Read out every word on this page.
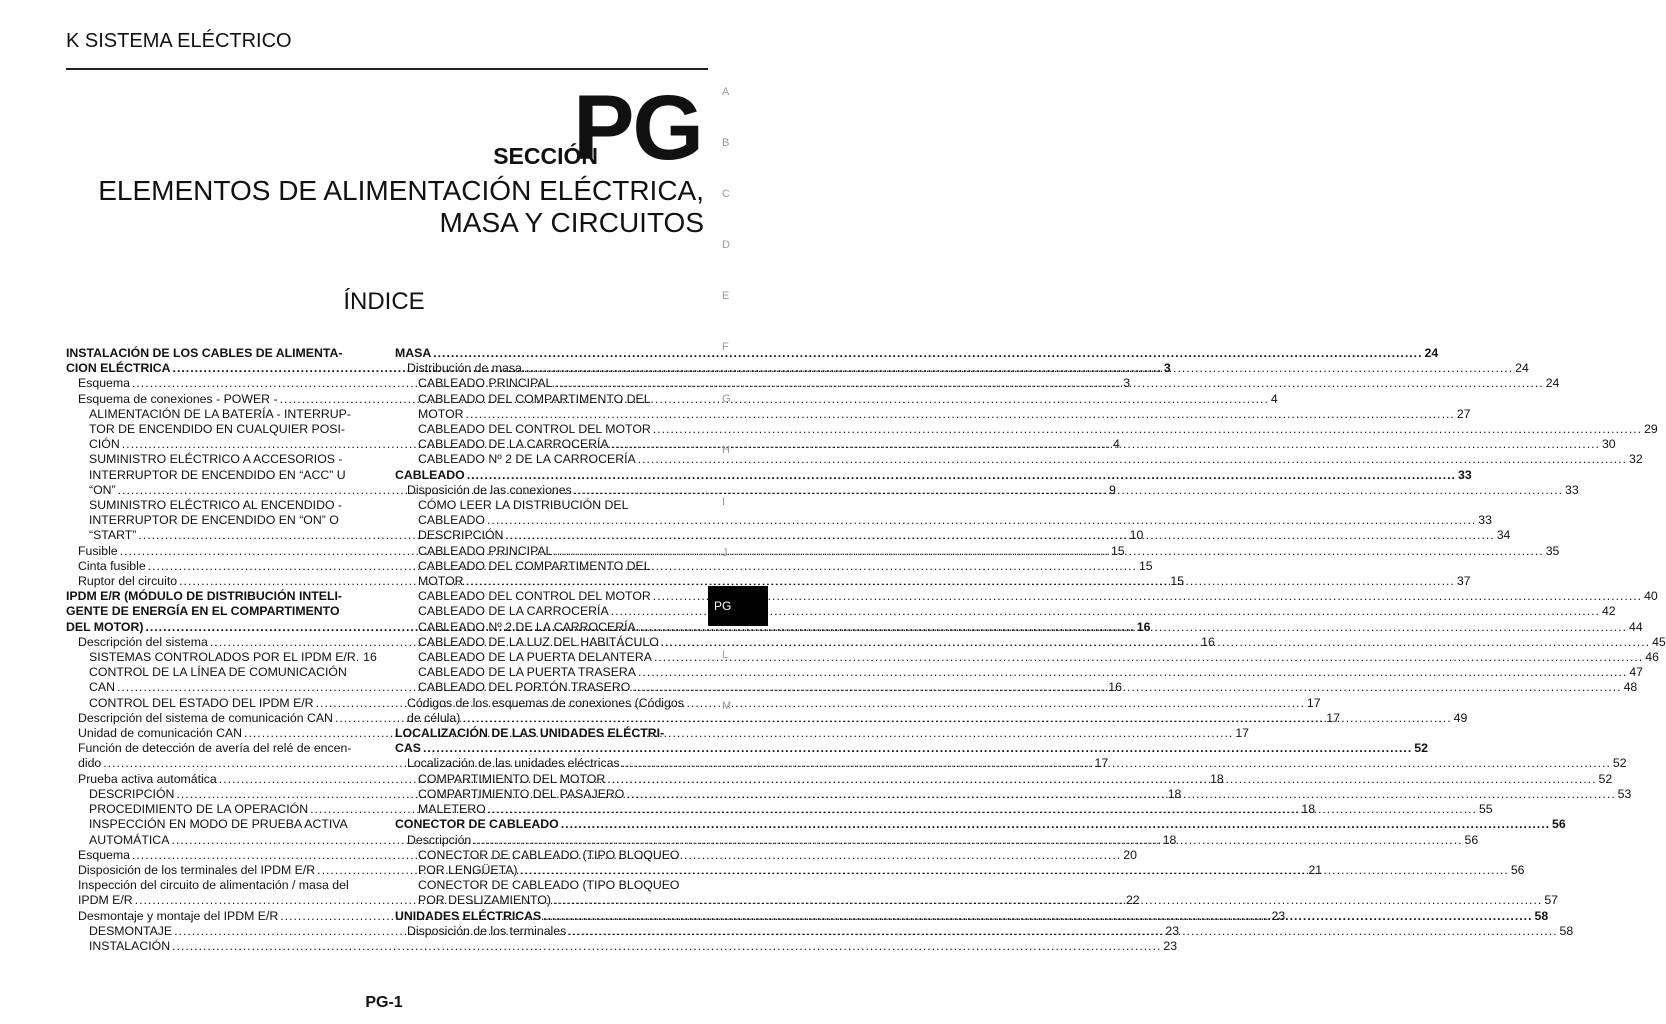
K SISTEMA ELÉCTRICO
SECCIÓN
PG
ELEMENTOS DE ALIMENTACIÓN ELÉCTRICA,
MASA Y CIRCUITOS
ÍNDICE
INSTALACIÓN DE LOS CABLES DE ALIMENTA-
CION ELÉCTRICA .....	3
Esquema .....	3
Esquema de conexiones - POWER - .....	4
ALIMENTACIÓN DE LA BATERÍA - INTERRUP-
TOR DE ENCENDIDO EN CUALQUIER POSI-
CIÓN .....	4
SUMINISTRO ELÉCTRICO A ACCESORIOS -
INTERRUPTOR DE ENCENDIDO EN “ACC” U
“ON” .....	9
SUMINISTRO ELÉCTRICO AL ENCENDIDO -
INTERRUPTOR DE ENCENDIDO EN “ON” O
“START” .....	10
Fusible .....	15
Cinta fusible .....	15
Ruptor del circuito .....	15
IPDM E/R (MÓDULO DE DISTRIBUCIÓN INTELI-
GENTE DE ENERGÍA EN EL COMPARTIMENTO
DEL MOTOR) .....	16
Descripción del sistema .....	16
SISTEMAS CONTROLADOS POR EL IPDM E/R. 16
CONTROL DE LA LÍNEA DE COMUNICACIÓN
CAN .....	16
CONTROL DEL ESTADO DEL IPDM E/R .....	17
Descripción del sistema de comunicación CAN .....	17
Unidad de comunicación CAN .....	17
Función de detección de avería del relé de encen-
dido .....	17
Prueba activa automática .....	18
DESCRIPCIÓN .....	18
PROCEDIMIENTO DE LA OPERACIÓN .....	18
INSPECCIÓN EN MODO DE PRUEBA ACTIVA
AUTOMÁTICA .....	18
Esquema .....	20
Disposición de los terminales del IPDM E/R .....	21
Inspección del circuito de alimentación / masa del
IPDM E/R .....	22
Desmontaje y montaje del IPDM E/R .....	23
DESMONTAJE .....	23
INSTALACIÓN .....	23
MASA .....	24
Distribución de masa .....	24
CABLEADO PRINCIPAL .....	24
CABLEADO DEL COMPARTIMENTO DEL
MOTOR .....	27
CABLEADO DEL CONTROL DEL MOTOR .....	29
CABLEADO DE LA CARROCERÍA .....	30
CABLEADO Nº 2 DE LA CARROCERÍA .....	32
CABLEADO .....	33
Disposición de las conexiones .....	33
CÓMO LEER LA DISTRIBUCIÓN DEL
CABLEADO .....	33
DESCRIPCIÓN .....	34
CABLEADO PRINCIPAL .....	35
CABLEADO DEL COMPARTIMENTO DEL
MOTOR .....	37
CABLEADO DEL CONTROL DEL MOTOR .....	40
CABLEADO DE LA CARROCERÍA .....	42
CABLEADO Nº 2 DE LA CARROCERÍA .....	44
CABLEADO DE LA LUZ DEL HABITÁCULO .....	45
CABLEADO DE LA PUERTA DELANTERA .....	46
CABLEADO DE LA PUERTA TRASERA .....	47
CABLEADO DEL PORTÓN TRASERO .....	48
Códigos de los esquemas de conexiones (Códigos
de célula) .....	49
LOCALIZACIÓN DE LAS UNIDADES ELÉCTRI-
CAS .....	52
Localización de las unidades eléctricas .....	52
COMPARTIMIENTO DEL MOTOR .....	52
COMPARTIMIENTO DEL PASAJERO .....	53
MALETERO .....	55
CONECTOR DE CABLEADO .....	56
Descripción .....	56
CONECTOR DE CABLEADO (TIPO BLOQUEO
POR LENGÜETA) .....	56
CONECTOR DE CABLEADO (TIPO BLOQUEO
POR DESLIZAMIENTO) .....	57
UNIDADES ELÉCTRICAS .....	58
Disposición de los terminales .....	58
A
B
C
D
E
F
G
H
I
J
L
M
PG
PG-1
